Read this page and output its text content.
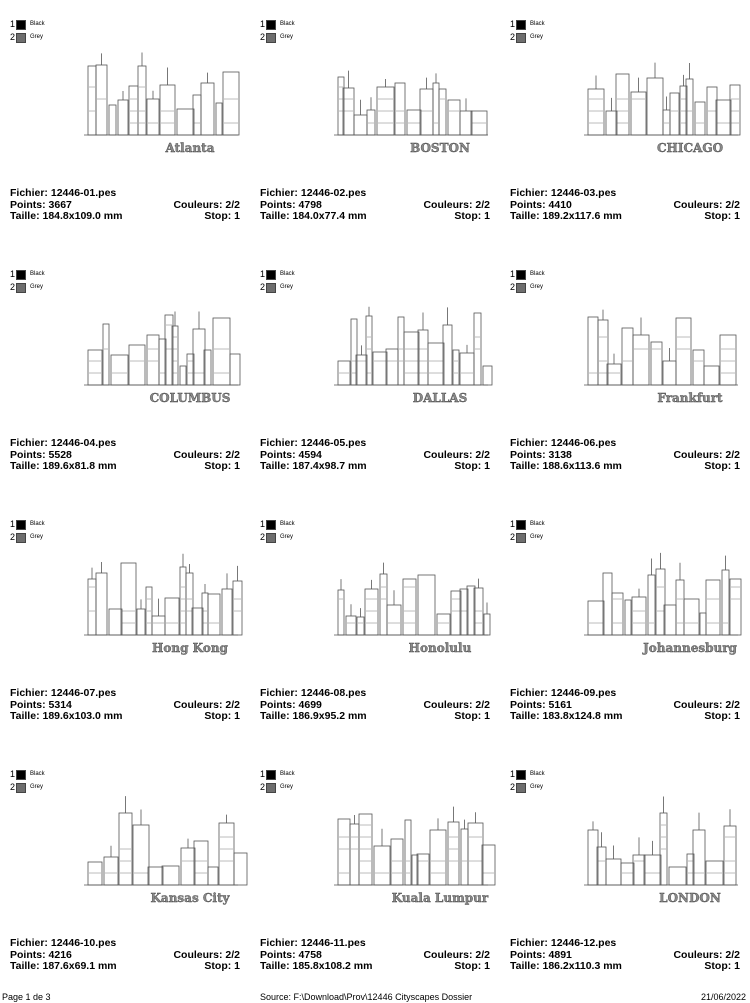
1 Black
2 Grey
Atlanta
Fichier: 12446-01.pes
Points: 3667	Couleurs: 2/2
Taille: 184.8x109.0 mm	Stop: 1
1 Black
2 Grey
BOSTON
Fichier: 12446-02.pes
Points: 4798	Couleurs: 2/2
Taille: 184.0x77.4 mm	Stop: 1
1 Black
2 Grey
CHICAGO
Fichier: 12446-03.pes
Points: 4410	Couleurs: 2/2
Taille: 189.2x117.6 mm	Stop: 1
1 Black
2 Grey
COLUMBUS
Fichier: 12446-04.pes
Points: 5528	Couleurs: 2/2
Taille: 189.6x81.8 mm	Stop: 1
1 Black
2 Grey
DALLAS
Fichier: 12446-05.pes
Points: 4594	Couleurs: 2/2
Taille: 187.4x98.7 mm	Stop: 1
1 Black
2 Grey
Frankfurt
Fichier: 12446-06.pes
Points: 3138	Couleurs: 2/2
Taille: 188.6x113.6 mm	Stop: 1
1 Black
2 Grey
Hong Kong
Fichier: 12446-07.pes
Points: 5314	Couleurs: 2/2
Taille: 189.6x103.0 mm	Stop: 1
1 Black
2 Grey
Honolulu
Fichier: 12446-08.pes
Points: 4699	Couleurs: 2/2
Taille: 186.9x95.2 mm	Stop: 1
1 Black
2 Grey
Johannesburg
Fichier: 12446-09.pes
Points: 5161	Couleurs: 2/2
Taille: 183.8x124.8 mm	Stop: 1
1 Black
2 Grey
Kansas City
Fichier: 12446-10.pes
Points: 4216	Couleurs: 2/2
Taille: 187.6x69.1 mm	Stop: 1
1 Black
2 Grey
Kuala Lumpur
Fichier: 12446-11.pes
Points: 4758	Couleurs: 2/2
Taille: 185.8x108.2 mm	Stop: 1
1 Black
2 Grey
LONDON
Fichier: 12446-12.pes
Points: 4891	Couleurs: 2/2
Taille: 186.2x110.3 mm	Stop: 1
Page 1 de 3	Source: F:\Download\Prov\12446 Cityscapes Dossier	21/06/2022
